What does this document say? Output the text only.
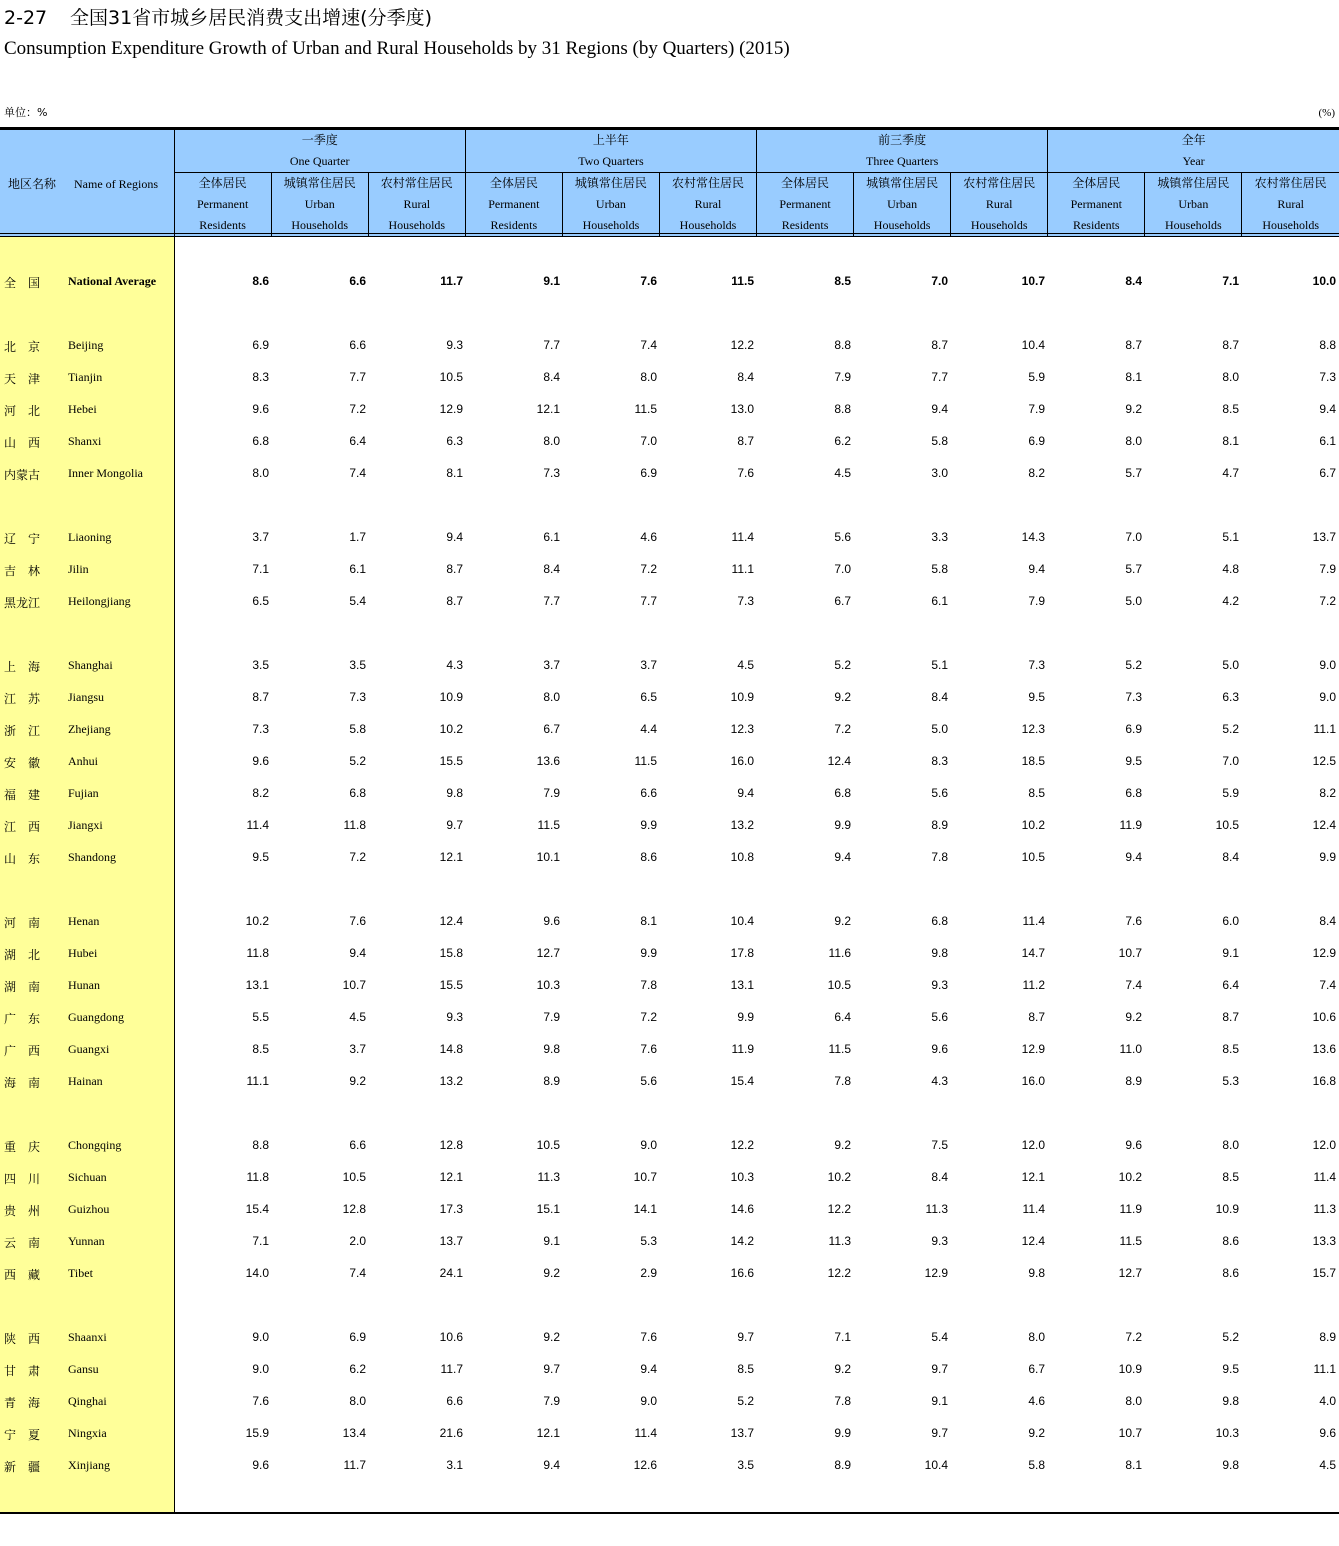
2-27 全国31省市城乡居民消费支出增速(分季度)
Consumption Expenditure Growth of Urban and Rural Households by 31 Regions (by Quarters) (2015)
单位：%	(%)
地区名称 Name of Regions	一季度
One Quarter			上半年
Two Quarters			前三季度
Three Quarters			全年
Year		

	全体居民
Permanent
Residents	城镇常住居民
Urban
Households	农村常住居民
Rural
Households	全体居民
Permanent
Residents	城镇常住居民
Urban
Households	农村常住居民
Rural
Households	全体居民
Permanent
Residents	城镇常住居民
Urban
Households	农村常住居民
Rural
Households	全体居民
Permanent
Residents	城镇常住居民
Urban
Households	农村常住居民
Rural
Households
全　国 National Average	8.6	6.6	11.7	9.1	7.6	11.5	8.5	7.0	10.7	8.4	7.1	10.0
北　京 Beijing	6.9	6.6	9.3	7.7	7.4	12.2	8.8	8.7	10.4	8.7	8.7	8.8
天　津 Tianjin	8.3	7.7	10.5	8.4	8.0	8.4	7.9	7.7	5.9	8.1	8.0	7.3
河　北 Hebei	9.6	7.2	12.9	12.1	11.5	13.0	8.8	9.4	7.9	9.2	8.5	9.4
山　西 Shanxi	6.8	6.4	6.3	8.0	7.0	8.7	6.2	5.8	6.9	8.0	8.1	6.1
内蒙古 Inner Mongolia	8.0	7.4	8.1	7.3	6.9	7.6	4.5	3.0	8.2	5.7	4.7	6.7
辽　宁 Liaoning	3.7	1.7	9.4	6.1	4.6	11.4	5.6	3.3	14.3	7.0	5.1	13.7
吉　林 Jilin	7.1	6.1	8.7	8.4	7.2	11.1	7.0	5.8	9.4	5.7	4.8	7.9
黑龙江 Heilongjiang	6.5	5.4	8.7	7.7	7.7	7.3	6.7	6.1	7.9	5.0	4.2	7.2
上　海 Shanghai	3.5	3.5	4.3	3.7	3.7	4.5	5.2	5.1	7.3	5.2	5.0	9.0
江　苏 Jiangsu	8.7	7.3	10.9	8.0	6.5	10.9	9.2	8.4	9.5	7.3	6.3	9.0
浙　江 Zhejiang	7.3	5.8	10.2	6.7	4.4	12.3	7.2	5.0	12.3	6.9	5.2	11.1
安　徽 Anhui	9.6	5.2	15.5	13.6	11.5	16.0	12.4	8.3	18.5	9.5	7.0	12.5
福　建 Fujian	8.2	6.8	9.8	7.9	6.6	9.4	6.8	5.6	8.5	6.8	5.9	8.2
江　西 Jiangxi	11.4	11.8	9.7	11.5	9.9	13.2	9.9	8.9	10.2	11.9	10.5	12.4
山　东 Shandong	9.5	7.2	12.1	10.1	8.6	10.8	9.4	7.8	10.5	9.4	8.4	9.9
河　南 Henan	10.2	7.6	12.4	9.6	8.1	10.4	9.2	6.8	11.4	7.6	6.0	8.4
湖　北 Hubei	11.8	9.4	15.8	12.7	9.9	17.8	11.6	9.8	14.7	10.7	9.1	12.9
湖　南 Hunan	13.1	10.7	15.5	10.3	7.8	13.1	10.5	9.3	11.2	7.4	6.4	7.4
广　东 Guangdong	5.5	4.5	9.3	7.9	7.2	9.9	6.4	5.6	8.7	9.2	8.7	10.6
广　西 Guangxi	8.5	3.7	14.8	9.8	7.6	11.9	11.5	9.6	12.9	11.0	8.5	13.6
海　南 Hainan	11.1	9.2	13.2	8.9	5.6	15.4	7.8	4.3	16.0	8.9	5.3	16.8
重　庆 Chongqing	8.8	6.6	12.8	10.5	9.0	12.2	9.2	7.5	12.0	9.6	8.0	12.0
四　川 Sichuan	11.8	10.5	12.1	11.3	10.7	10.3	10.2	8.4	12.1	10.2	8.5	11.4
贵　州 Guizhou	15.4	12.8	17.3	15.1	14.1	14.6	12.2	11.3	11.4	11.9	10.9	11.3
云　南 Yunnan	7.1	2.0	13.7	9.1	5.3	14.2	11.3	9.3	12.4	11.5	8.6	13.3
西　藏 Tibet	14.0	7.4	24.1	9.2	2.9	16.6	12.2	12.9	9.8	12.7	8.6	15.7
陕　西 Shaanxi	9.0	6.9	10.6	9.2	7.6	9.7	7.1	5.4	8.0	7.2	5.2	8.9
甘　肃 Gansu	9.0	6.2	11.7	9.7	9.4	8.5	9.2	9.7	6.7	10.9	9.5	11.1
青　海 Qinghai	7.6	8.0	6.6	7.9	9.0	5.2	7.8	9.1	4.6	8.0	9.8	4.0
宁　夏 Ningxia	15.9	13.4	21.6	12.1	11.4	13.7	9.9	9.7	9.2	10.7	10.3	9.6
新　疆 Xinjiang	9.6	11.7	3.1	9.4	12.6	3.5	8.9	10.4	5.8	8.1	9.8	4.5
